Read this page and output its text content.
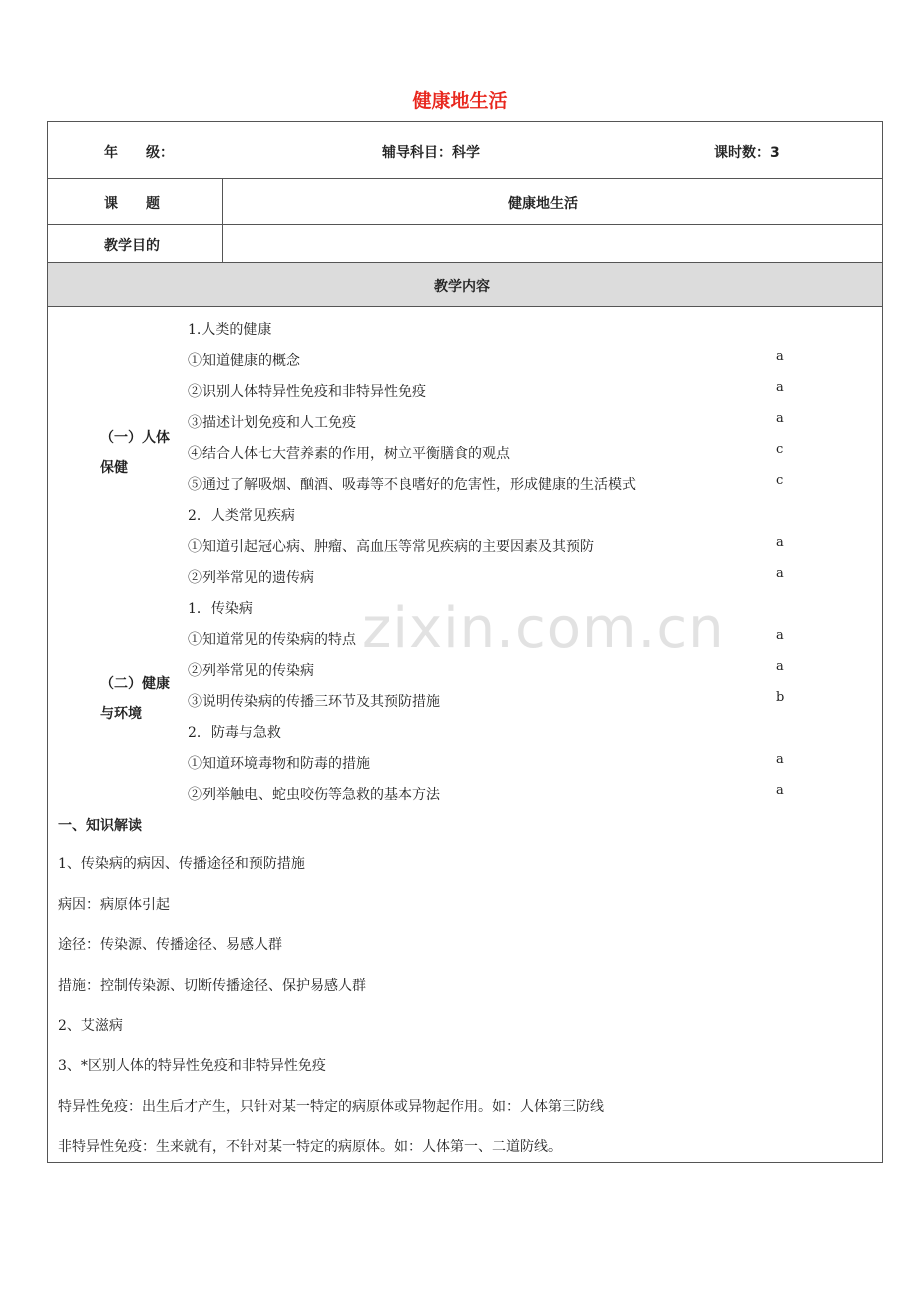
健康地生活
年　　级：	辅导科目：科学	课时数：3
课　　题	健康地生活
教学目的
教学内容
（一）人体
保健
1.人类的健康
①知道健康的概念	a
②识别人体特异性免疫和非特异性免疫	a
③描述计划免疫和人工免疫	a
④结合人体七大营养素的作用，树立平衡膳食的观点	c
⑤通过了解吸烟、酗酒、吸毒等不良嗜好的危害性，形成健康的生活模式	c
2．人类常见疾病
①知道引起冠心病、肿瘤、高血压等常见疾病的主要因素及其预防	a
②列举常见的遗传病	a
（二）健康
与环境
1．传染病
①知道常见的传染病的特点	a
②列举常见的传染病	a
③说明传染病的传播三环节及其预防措施	b
2．防毒与急救
①知道环境毒物和防毒的措施	a
②列举触电、蛇虫咬伤等急救的基本方法	a
一、知识解读
1、传染病的病因、传播途径和预防措施
病因：病原体引起
途径：传染源、传播途径、易感人群
措施：控制传染源、切断传播途径、保护易感人群
2、艾滋病
3、*区别人体的特异性免疫和非特异性免疫
特异性免疫：出生后才产生，只针对某一特定的病原体或异物起作用。如：人体第三防线
非特异性免疫：生来就有，不针对某一特定的病原体。如：人体第一、二道防线。
zixin.com.cn
